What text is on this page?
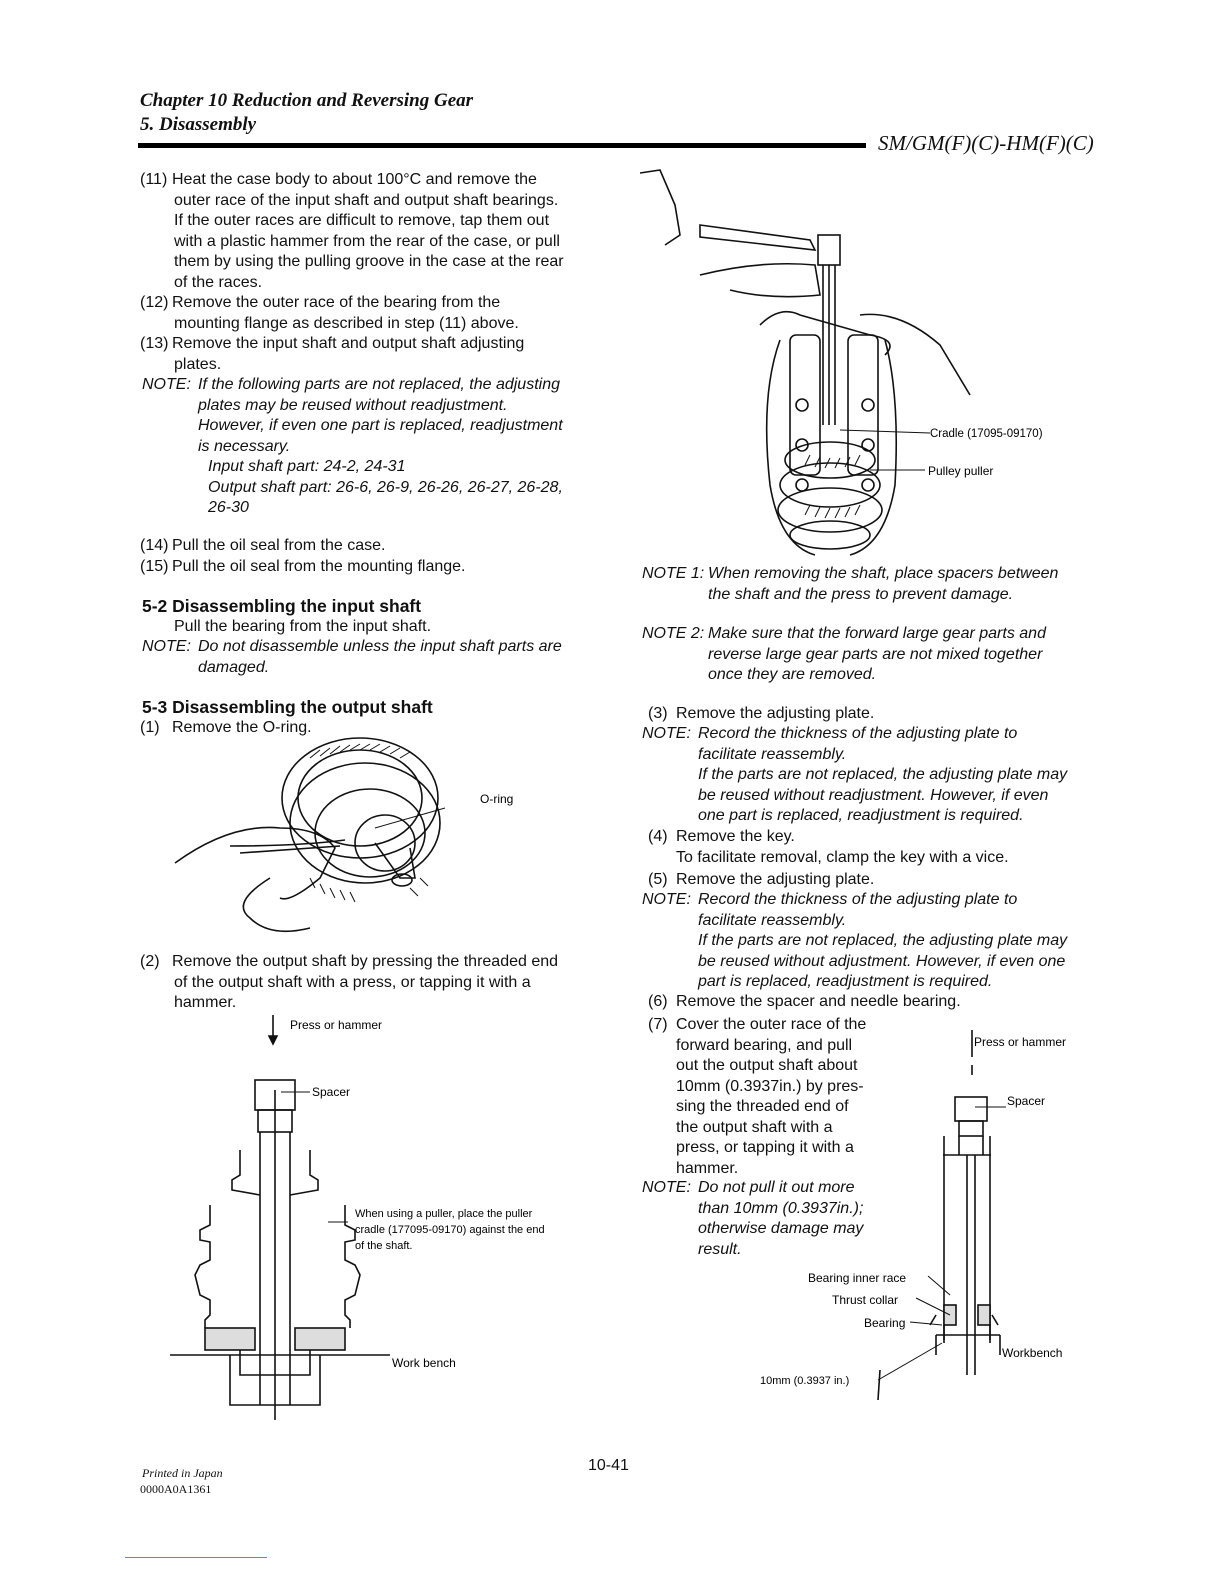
Chapter 10 Reduction and Reversing Gear
5. Disassembly
SM/GM(F)(C)-HM(F)(C)
(11) Heat the case body to about 100°C and remove the
outer race of the input shaft and output shaft bearings.
If the outer races are difficult to remove, tap them out
with a plastic hammer from the rear of the case, or pull
them by using the pulling groove in the case at the rear
of the races.
(12) Remove the outer race of the bearing from the
mounting flange as described in step (11) above.
(13) Remove the input shaft and output shaft adjusting
plates.
NOTE: If the following parts are not replaced, the adjusting
plates may be reused without readjustment.
However, if even one part is replaced, readjustment
is necessary.
Input shaft part: 24-2, 24-31
Output shaft part: 26-6, 26-9, 26-26, 26-27, 26-28,
26-30
(14) Pull the oil seal from the case.
(15) Pull the oil seal from the mounting flange.
5-2 Disassembling the input shaft
Pull the bearing from the input shaft.
NOTE: Do not disassemble unless the input shaft parts are
damaged.
5-3 Disassembling the output shaft
(1) Remove the O-ring.
O-ring
(2) Remove the output shaft by pressing the threaded end
of the output shaft with a press, or tapping it with a
hammer.
Spacer
Press or hammer
When using a puller, place the puller
cradle (177095-09170) against the end
of the shaft.
Work bench
Cradle (17095-09170)
Pulley puller
NOTE 1: When removing the shaft, place spacers between
the shaft and the press to prevent damage.
NOTE 2: Make sure that the forward large gear parts and
reverse large gear parts are not mixed together
once they are removed.
(3) Remove the adjusting plate.
NOTE: Record the thickness of the adjusting plate to
facilitate reassembly.
If the parts are not replaced, the adjusting plate may
be reused without readjustment. However, if even
one part is replaced, readjustment is required.
(4) Remove the key.
To facilitate removal, clamp the key with a vice.
(5) Remove the adjusting plate.
NOTE: Record the thickness of the adjusting plate to
facilitate reassembly.
If the parts are not replaced, the adjusting plate may
be reused without adjustment. However, if even one
part is replaced, readjustment is required.
(6) Remove the spacer and needle bearing.
(7) Cover the outer race of the
forward bearing, and pull
out the output shaft about
10mm (0.3937in.) by pres-
sing the threaded end of
the output shaft with a
press, or tapping it with a
hammer.
NOTE: Do not pull it out more
than 10mm (0.3937in.);
otherwise damage may
result.
Spacer
Press or hammer
Bearing inner race
Thrust collar
Bearing
Workbench
10mm (0.3937 in.)
10-41
Printed in Japan
0000A0A1361
